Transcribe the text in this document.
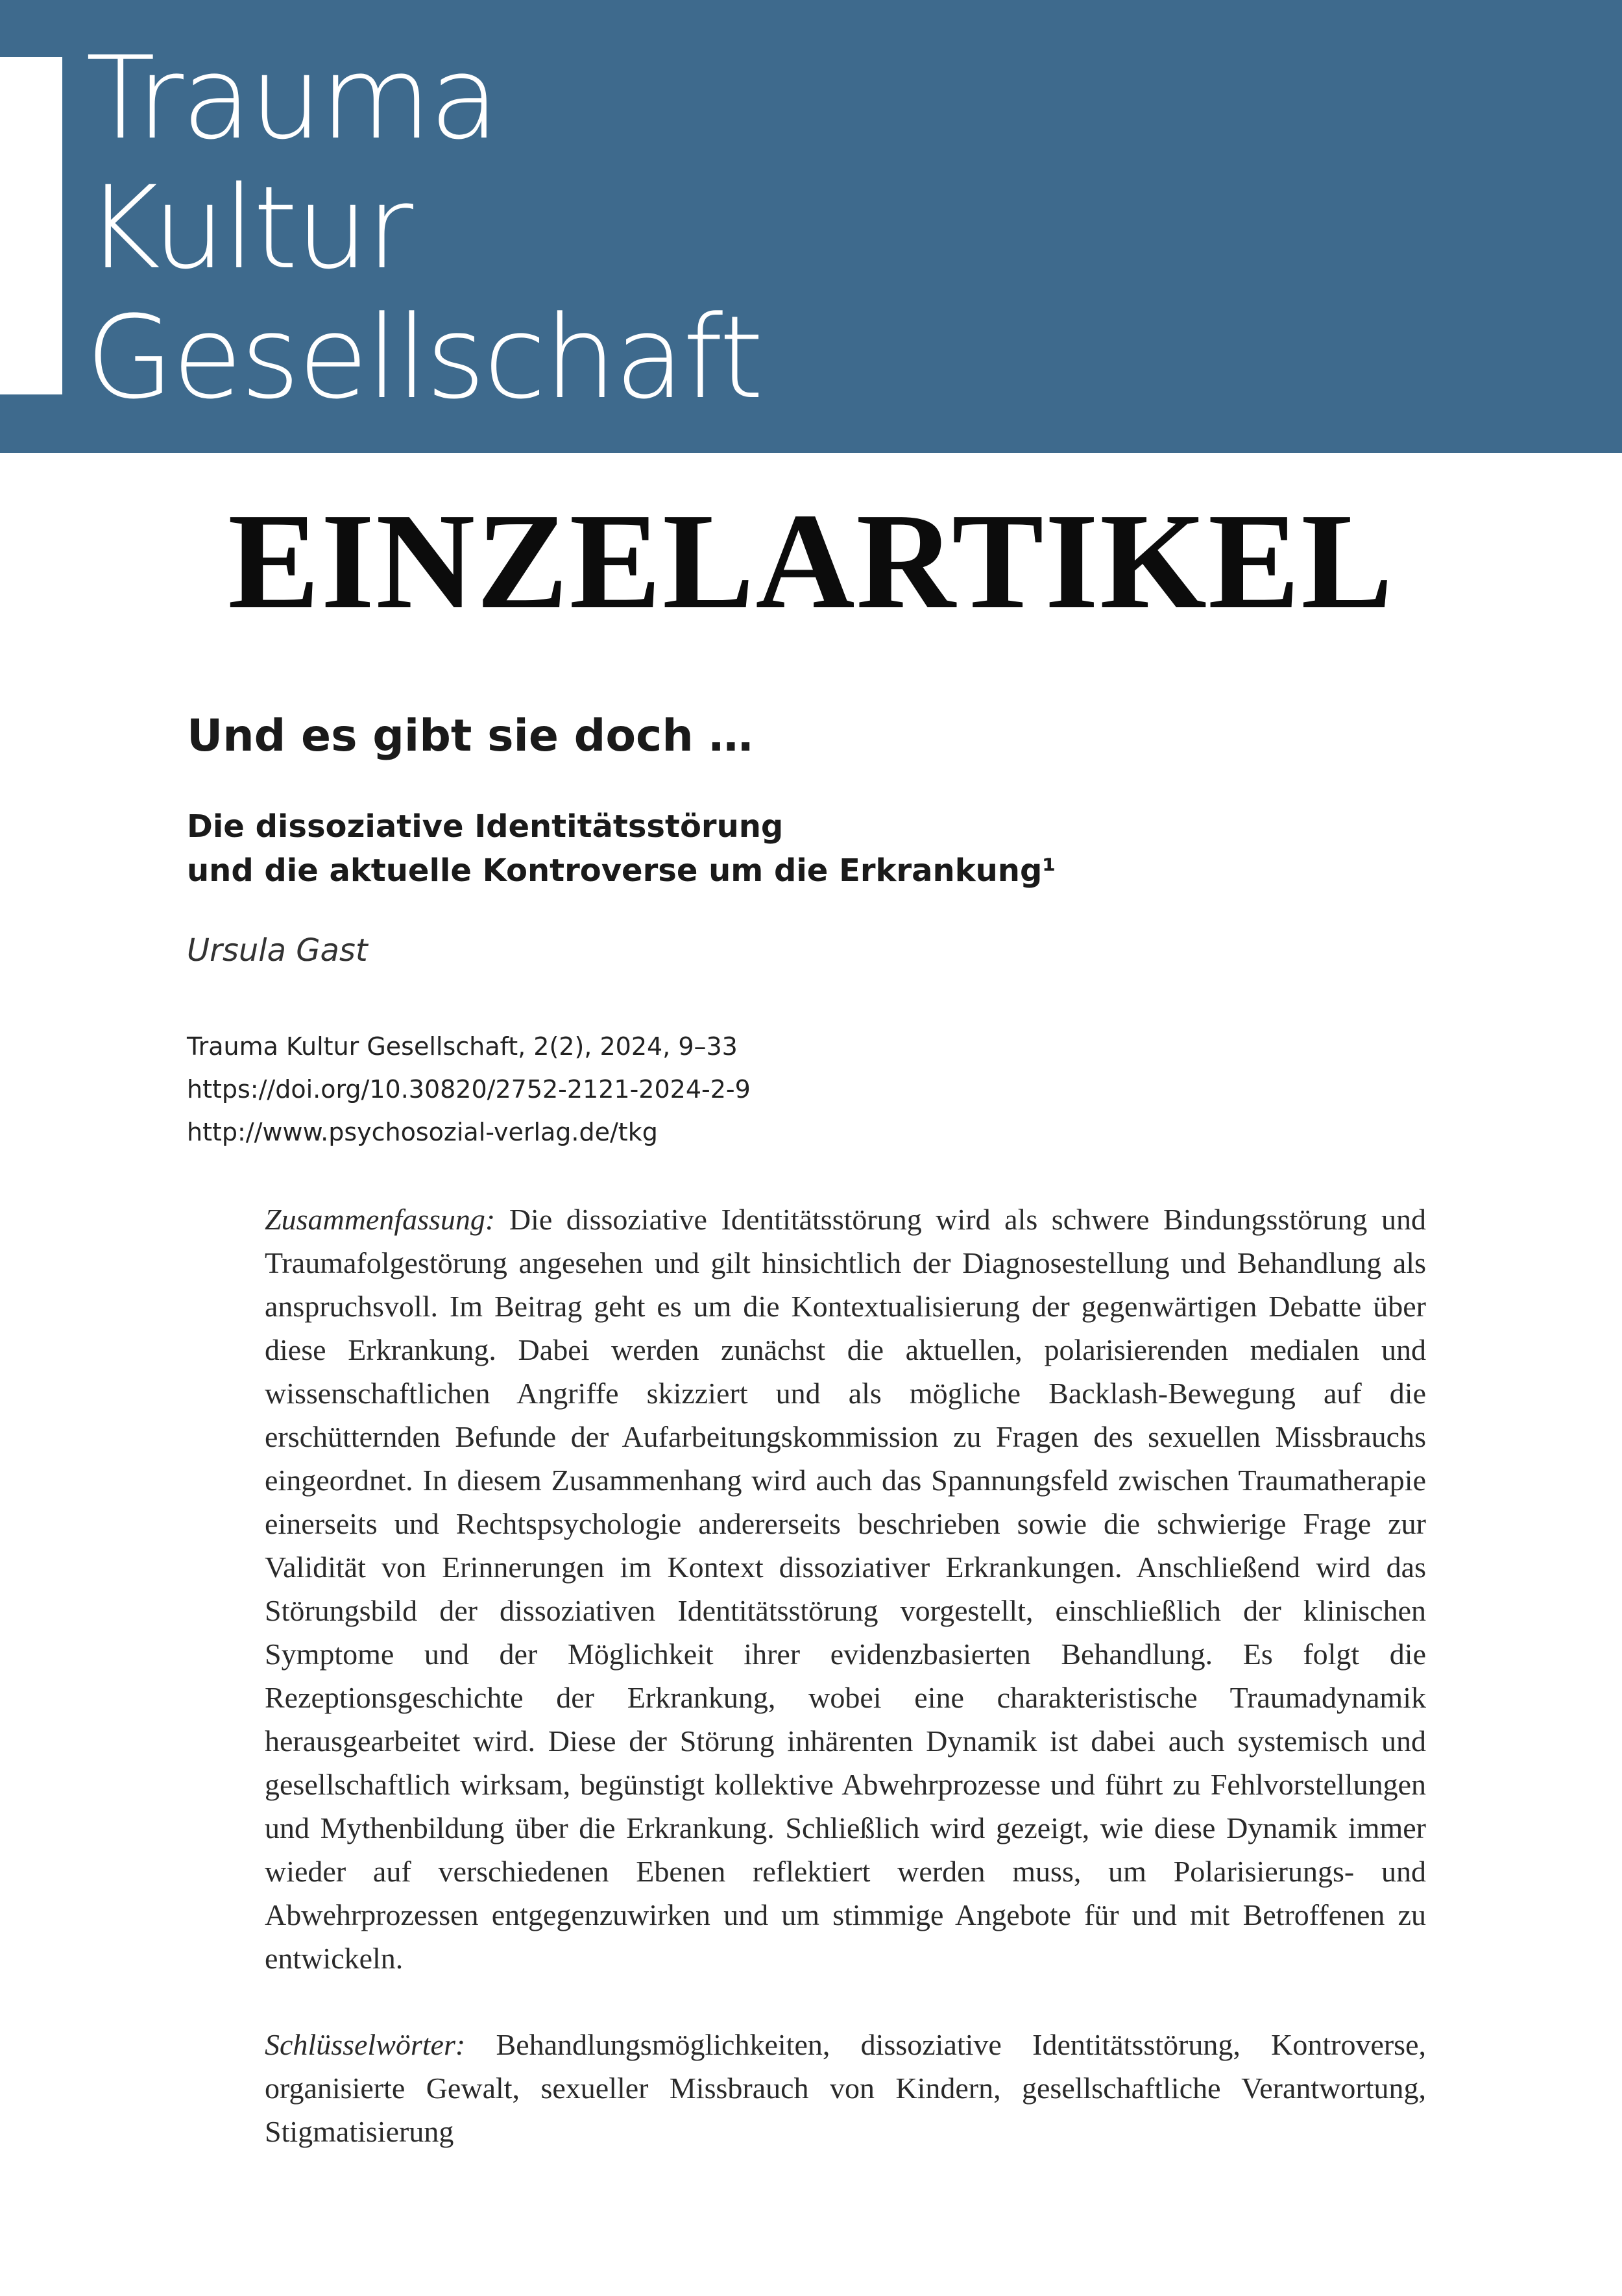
Trauma
Kultur
Gesellschaft
EINZELARTIKEL
Und es gibt sie doch …
Die dissoziative Identitätsstörung
und die aktuelle Kontroverse um die Erkrankung¹
Ursula Gast
Trauma Kultur Gesellschaft, 2(2), 2024, 9–33
https://doi.org/10.30820/2752-2121-2024-2-9
http://www.psychosozial-verlag.de/tkg
Zusammenfassung: Die dissoziative Identitätsstörung wird als schwere Bindungsstörung und Traumafolgestörung angesehen und gilt hinsichtlich der Diagnosestellung und Behandlung als anspruchsvoll. Im Beitrag geht es um die Kontextualisierung der gegenwärtigen Debatte über diese Erkrankung. Dabei werden zunächst die aktuellen, polarisierenden medialen und wissenschaftlichen Angriffe skizziert und als mögliche Backlash-Bewegung auf die erschütternden Befunde der Aufarbeitungskommission zu Fragen des sexuellen Missbrauchs eingeordnet. In diesem Zusammenhang wird auch das Spannungsfeld zwischen Traumatherapie einerseits und Rechtspsychologie andererseits beschrieben sowie die schwierige Frage zur Validität von Erinnerungen im Kontext dissoziativer Erkrankungen. Anschließend wird das Störungsbild der dissoziativen Identitätsstörung vorgestellt, einschließlich der klinischen Symptome und der Möglichkeit ihrer evidenzbasierten Behandlung. Es folgt die Rezeptionsgeschichte der Erkrankung, wobei eine charakteristische Traumadynamik herausgearbeitet wird. Diese der Störung inhärenten Dynamik ist dabei auch systemisch und gesellschaftlich wirksam, begünstigt kollektive Abwehrprozesse und führt zu Fehlvorstellungen und Mythenbildung über die Erkrankung. Schließlich wird gezeigt, wie diese Dynamik immer wieder auf verschiedenen Ebenen reflektiert werden muss, um Polarisierungs- und Abwehrprozessen entgegenzuwirken und um stimmige Angebote für und mit Betroffenen zu entwickeln.
Schlüsselwörter: Behandlungsmöglichkeiten, dissoziative Identitätsstörung, Kontroverse, organisierte Gewalt, sexueller Missbrauch von Kindern, gesellschaftliche Verantwortung, Stigmatisierung
